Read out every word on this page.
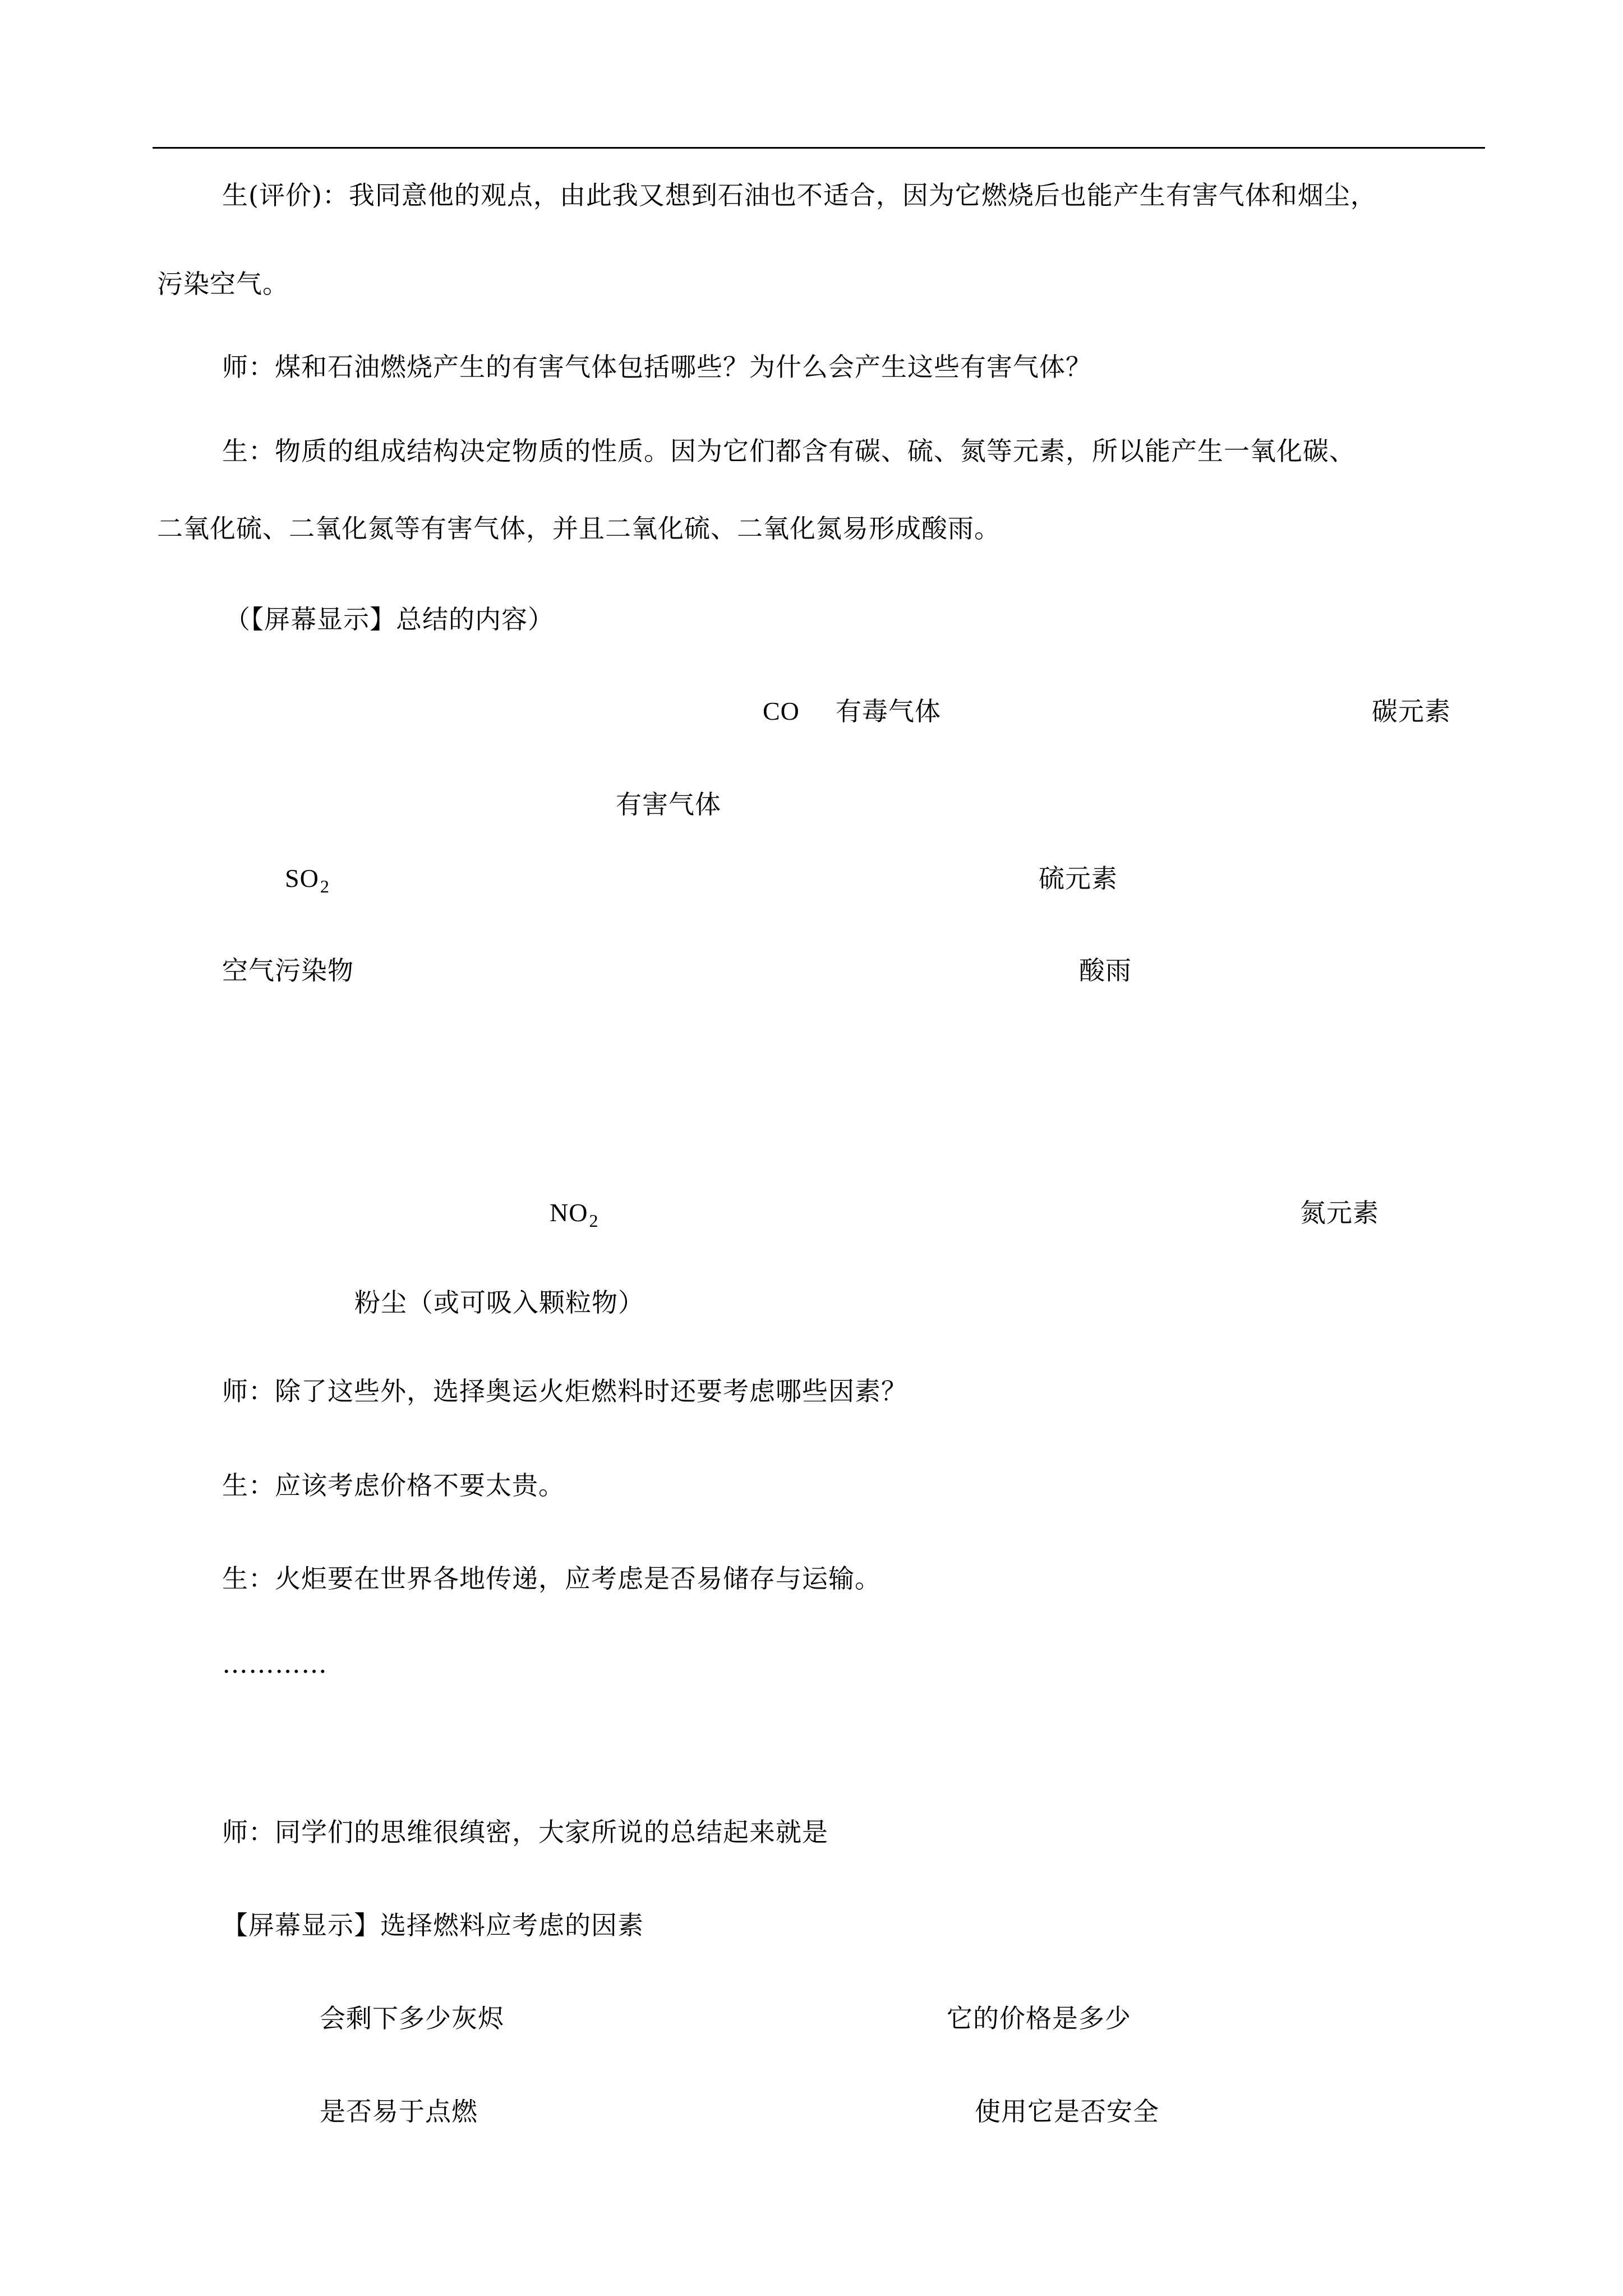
生(评价)：我同意他的观点，由此我又想到石油也不适合，因为它燃烧后也能产生有害气体和烟尘，
污染空气。
师：煤和石油燃烧产生的有害气体包括哪些？为什么会产生这些有害气体？
生：物质的组成结构决定物质的性质。因为它们都含有碳、硫、氮等元素，所以能产生一氧化碳、
二氧化硫、二氧化氮等有害气体，并且二氧化硫、二氧化氮易形成酸雨。
（【屏幕显示】总结的内容）
CO 有毒气体	碳元素
有害气体
$SO_2$	硫元素
空气污染物	酸雨
$NO_2$	氮元素
粉尘（或可吸入颗粒物）
师：除了这些外，选择奥运火炬燃料时还要考虑哪些因素？
生：应该考虑价格不要太贵。
生：火炬要在世界各地传递，应考虑是否易储存与运输。
…………
师：同学们的思维很缜密，大家所说的总结起来就是
【屏幕显示】选择燃料应考虑的因素
会剩下多少灰烬	它的价格是多少
是否易于点燃	使用它是否安全
